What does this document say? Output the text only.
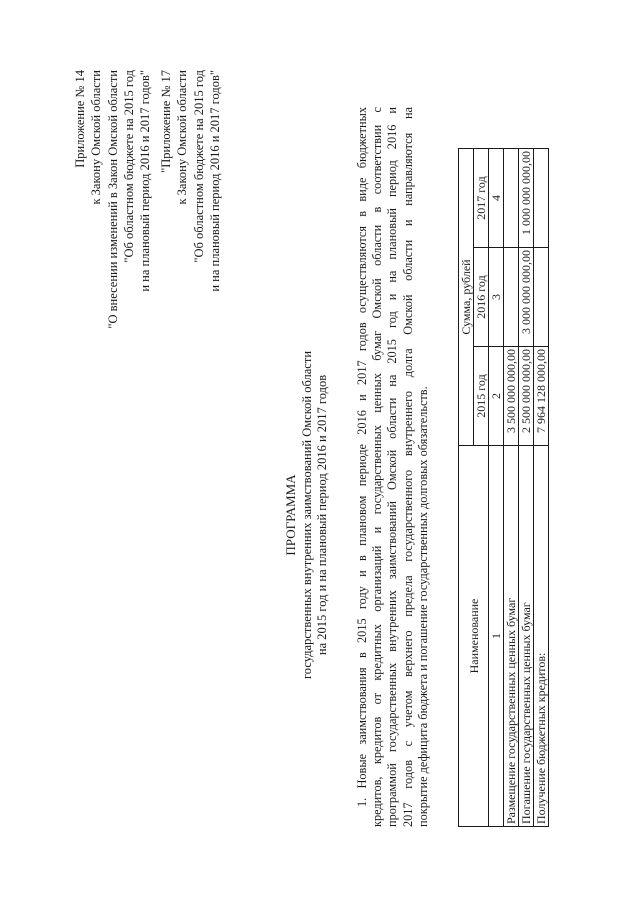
Приложение № 14 к Закону Омской области "О внесении изменений в Закон Омской области "Об областном бюджете на 2015 год и на плановый период 2016 и 2017 годов" "Приложение № 17 к Закону Омской области "Об областном бюджете на 2015 год и на плановый период 2016 и 2017 годов"
ПРОГРАММА государственных внутренних заимствований Омской области на 2015 год и на плановый период 2016 и 2017 годов 1. Новые заимствования в 2015 году и в плановом периоде 2016 и 2017 годов осуществляются в виде бюджетных кредитов, кредитов от кредитных организаций и государственных ценных бумаг Омской области в соответствии с программой государственных внутренних заимствований Омской области на 2015 год и на плановый период 2016 и 2017 годов с учетом верхнего предела государственного внутреннего долга Омской области и направляются на покрытие дефицита бюджета и погашение государственных долговых обязательств.	Наименование	Сумма, рублей		
	2015 год	2016 год	2017 год
1	2	3	4
Размещение государственных ценных бумаг	3 500 000 000,00		
Погашение государственных ценных бумаг	2 500 000 000,00	3 000 000 000,00	1 000 000 000,00
Получение бюджетных кредитов:	7 964 128 000,00		
